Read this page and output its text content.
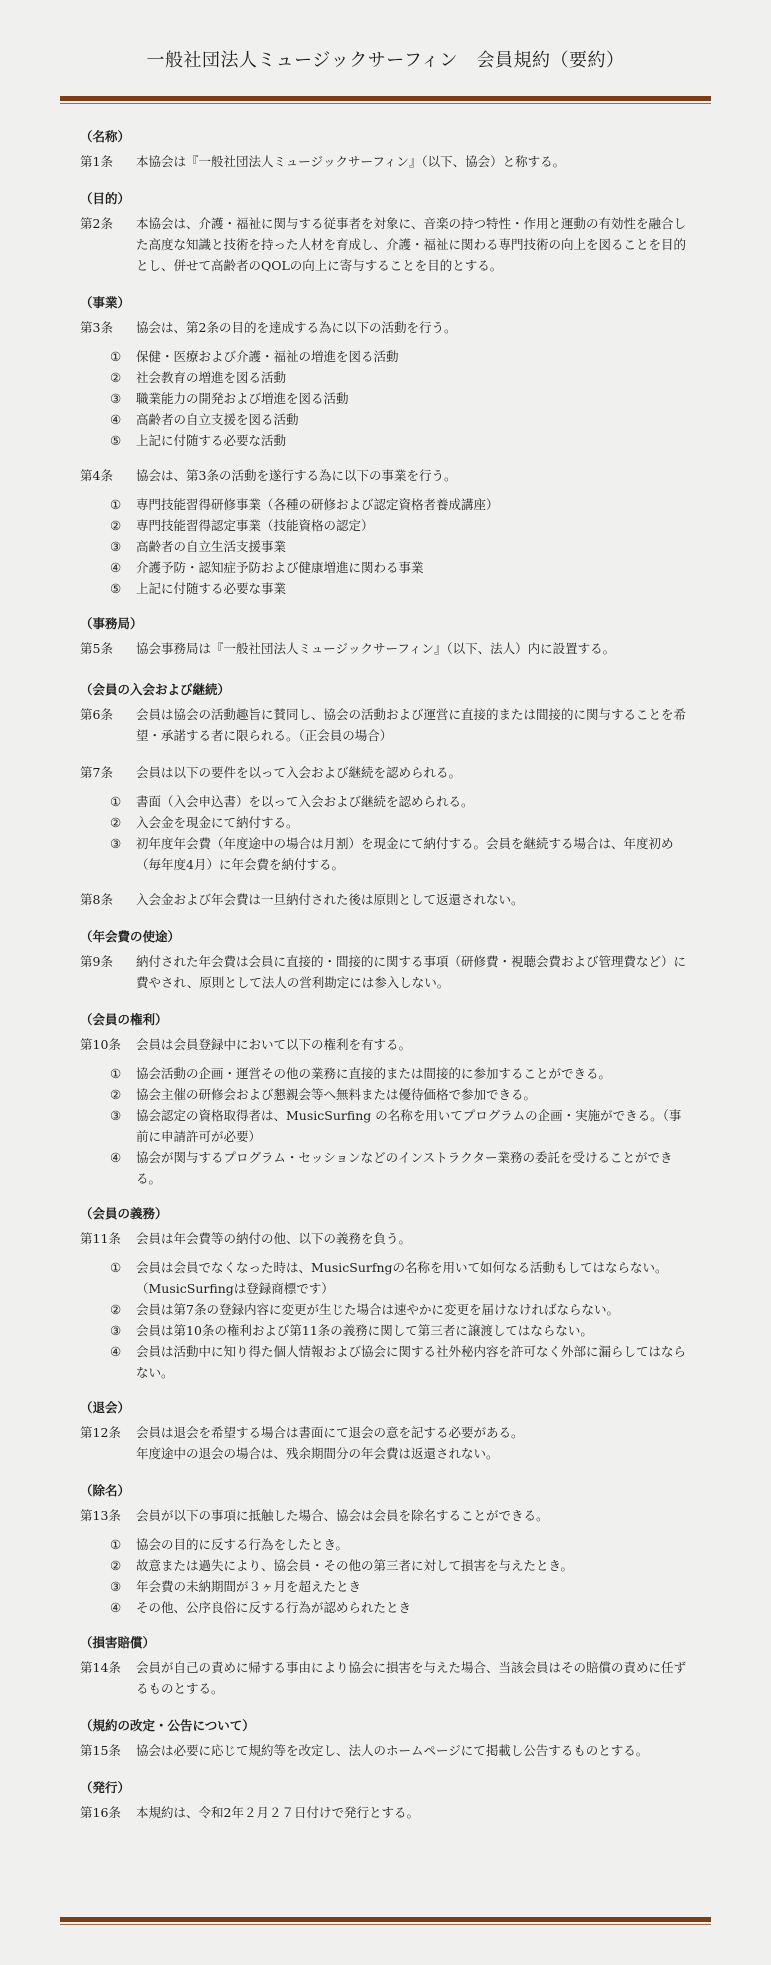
一般社団法人ミュージックサーフィン　会員規約（要約）
（名称）
第1条	本協会は『一般社団法人ミュージックサーフィン』（以下、協会）と称する。
（目的）
第2条	本協会は、介護・福祉に関与する従事者を対象に、音楽の持つ特性・作用と運動の有効性を融合した高度な知識と技術を持った人材を育成し、介護・福祉に関わる専門技術の向上を図ることを目的とし、併せて高齢者のQOLの向上に寄与することを目的とする。
（事業）
第3条	協会は、第2条の目的を達成する為に以下の活動を行う。
①	保健・医療および介護・福祉の増進を図る活動
②	社会教育の増進を図る活動
③	職業能力の開発および増進を図る活動
④	高齢者の自立支援を図る活動
⑤	上記に付随する必要な活動
第4条	協会は、第3条の活動を遂行する為に以下の事業を行う。
①	専門技能習得研修事業（各種の研修および認定資格者養成講座）
②	専門技能習得認定事業（技能資格の認定）
③	高齢者の自立生活支援事業
④	介護予防・認知症予防および健康増進に関わる事業
⑤	上記に付随する必要な事業
（事務局）
第5条	協会事務局は『一般社団法人ミュージックサーフィン』（以下、法人）内に設置する。
（会員の入会および継続）
第6条	会員は協会の活動趣旨に賛同し、協会の活動および運営に直接的または間接的に関与することを希望・承諾する者に限られる。（正会員の場合）
第7条	会員は以下の要件を以って入会および継続を認められる。
①	書面（入会申込書）を以って入会および継続を認められる。
②	入会金を現金にて納付する。
③	初年度年会費（年度途中の場合は月割）を現金にて納付する。会員を継続する場合は、年度初め（毎年度4月）に年会費を納付する。
第8条	入会金および年会費は一旦納付された後は原則として返還されない。
（年会費の使途）
第9条	納付された年会費は会員に直接的・間接的に関する事項（研修費・視聴会費および管理費など）に費やされ、原則として法人の営利勘定には参入しない。
（会員の権利）
第10条	会員は会員登録中において以下の権利を有する。
①	協会活動の企画・運営その他の業務に直接的または間接的に参加することができる。
②	協会主催の研修会および懇親会等へ無料または優待価格で参加できる。
③	協会認定の資格取得者は、MusicSurfing の名称を用いてプログラムの企画・実施ができる。（事前に申請許可が必要）
④	協会が関与するプログラム・セッションなどのインストラクター業務の委託を受けることができる。
（会員の義務）
第11条	会員は年会費等の納付の他、以下の義務を負う。
①	会員は会員でなくなった時は、MusicSurfngの名称を用いて如何なる活動もしてはならない。（MusicSurfingは登録商標です）
②	会員は第7条の登録内容に変更が生じた場合は速やかに変更を届けなければならない。
③	会員は第10条の権利および第11条の義務に関して第三者に譲渡してはならない。
④	会員は活動中に知り得た個人情報および協会に関する社外秘内容を許可なく外部に漏らしてはならない。
（退会）
第12条	会員は退会を希望する場合は書面にて退会の意を記する必要がある。

年度途中の退会の場合は、残余期間分の年会費は返還されない。

（除名）
第13条	会員が以下の事項に抵触した場合、協会は会員を除名することができる。
①	協会の目的に反する行為をしたとき。
②	故意または過失により、協会員・その他の第三者に対して損害を与えたとき。
③	年会費の未納期間が３ヶ月を超えたとき
④	その他、公序良俗に反する行為が認められたとき
（損害賠償）
第14条	会員が自己の責めに帰する事由により協会に損害を与えた場合、当該会員はその賠償の責めに任ずるものとする。
（規約の改定・公告について）
第15条	協会は必要に応じて規約等を改定し、法人のホームページにて掲載し公告するものとする。
（発行）
第16条	本規約は、令和2年２月２７日付けで発行とする。
